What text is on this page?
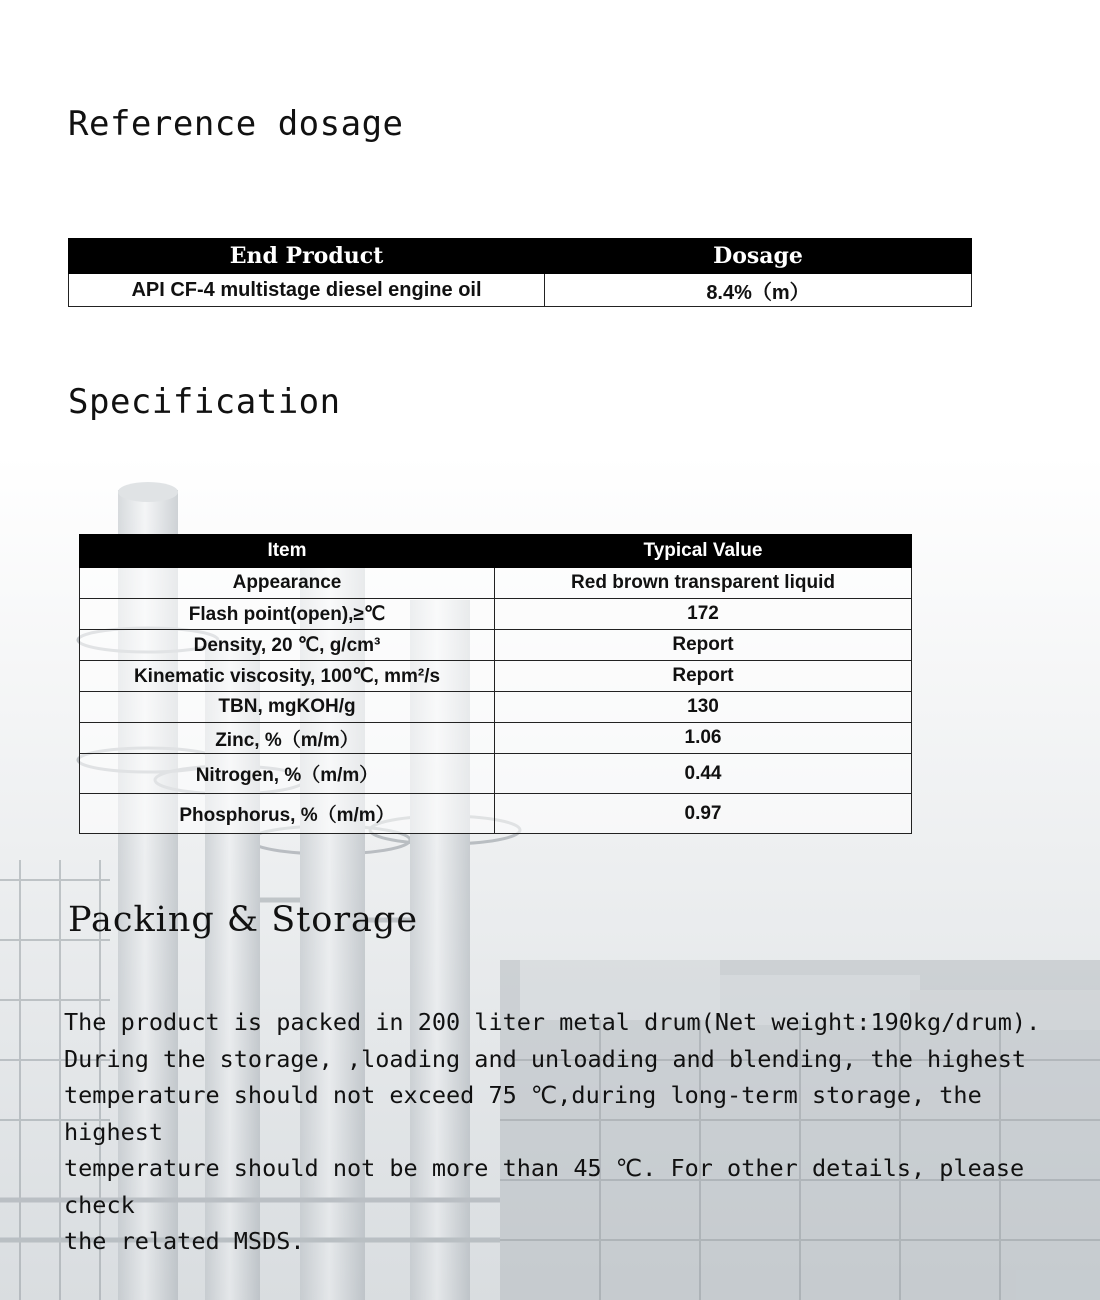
Reference dosage
End Product	Dosage
API CF-4 multistage diesel engine oil	8.4%（m）
Specification
Item	Typical Value
Appearance	Red brown transparent liquid
Flash point(open),≥℃	172
Density, 20 ℃, g/cm³	Report
Kinematic viscosity, 100℃, mm²/s	Report
TBN, mgKOH/g	130
Zinc, %（m/m）	1.06
Nitrogen, %（m/m）	0.44
Phosphorus, %（m/m）	0.97
Packing & Storage

The product is packed in 200 liter metal drum(Net weight:190kg/drum).
During the storage, ,loading and unloading and blending, the highest
temperature should not exceed 75 ℃,during long-term storage, the highest
temperature should not be more than 45 ℃. For other details, please check
the related MSDS.
